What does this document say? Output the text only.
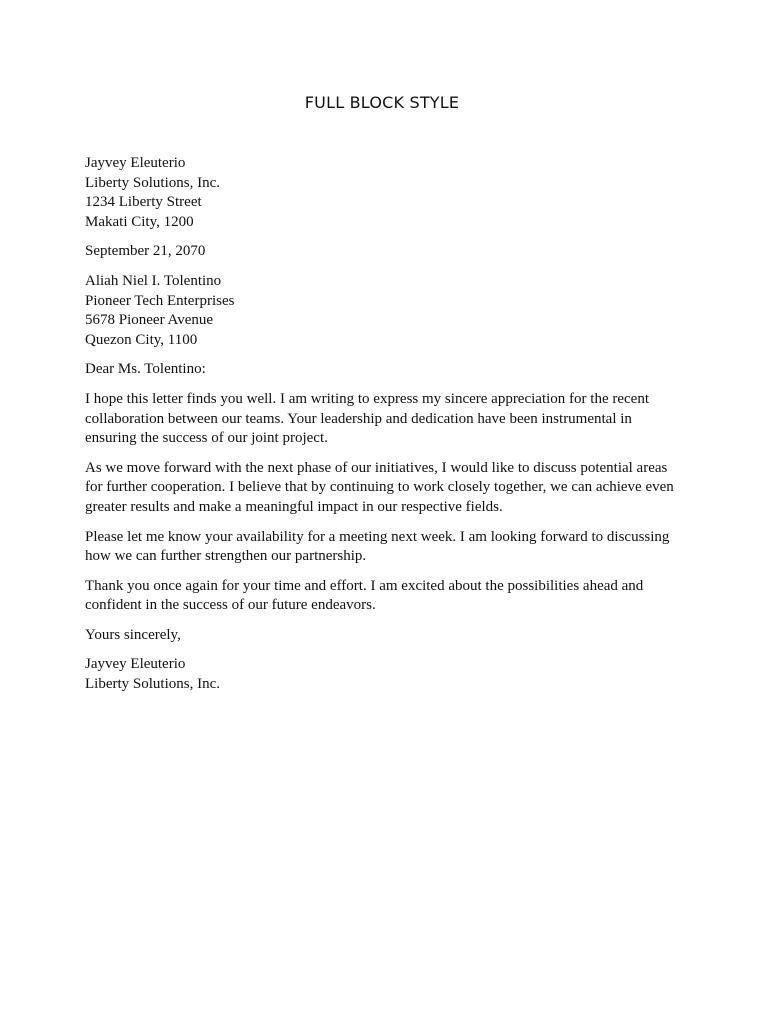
FULL BLOCK STYLE
Jayvey Eleuterio
Liberty Solutions, Inc.
1234 Liberty Street
Makati City, 1200
September 21, 2070
Aliah Niel I. Tolentino
Pioneer Tech Enterprises
5678 Pioneer Avenue
Quezon City, 1100

Dear Ms. Tolentino:

I hope this letter finds you well. I am writing to express my sincere appreciation for the recent collaboration between our teams. Your leadership and dedication have been instrumental in ensuring the success of our joint project.

As we move forward with the next phase of our initiatives, I would like to discuss potential areas for further cooperation. I believe that by continuing to work closely together, we can achieve even greater results and make a meaningful impact in our respective fields.

Please let me know your availability for a meeting next week. I am looking forward to discussing how we can further strengthen our partnership.

Thank you once again for your time and effort. I am excited about the possibilities ahead and confident in the success of our future endeavors.

Yours sincerely,

Jayvey Eleuterio
Liberty Solutions, Inc.
